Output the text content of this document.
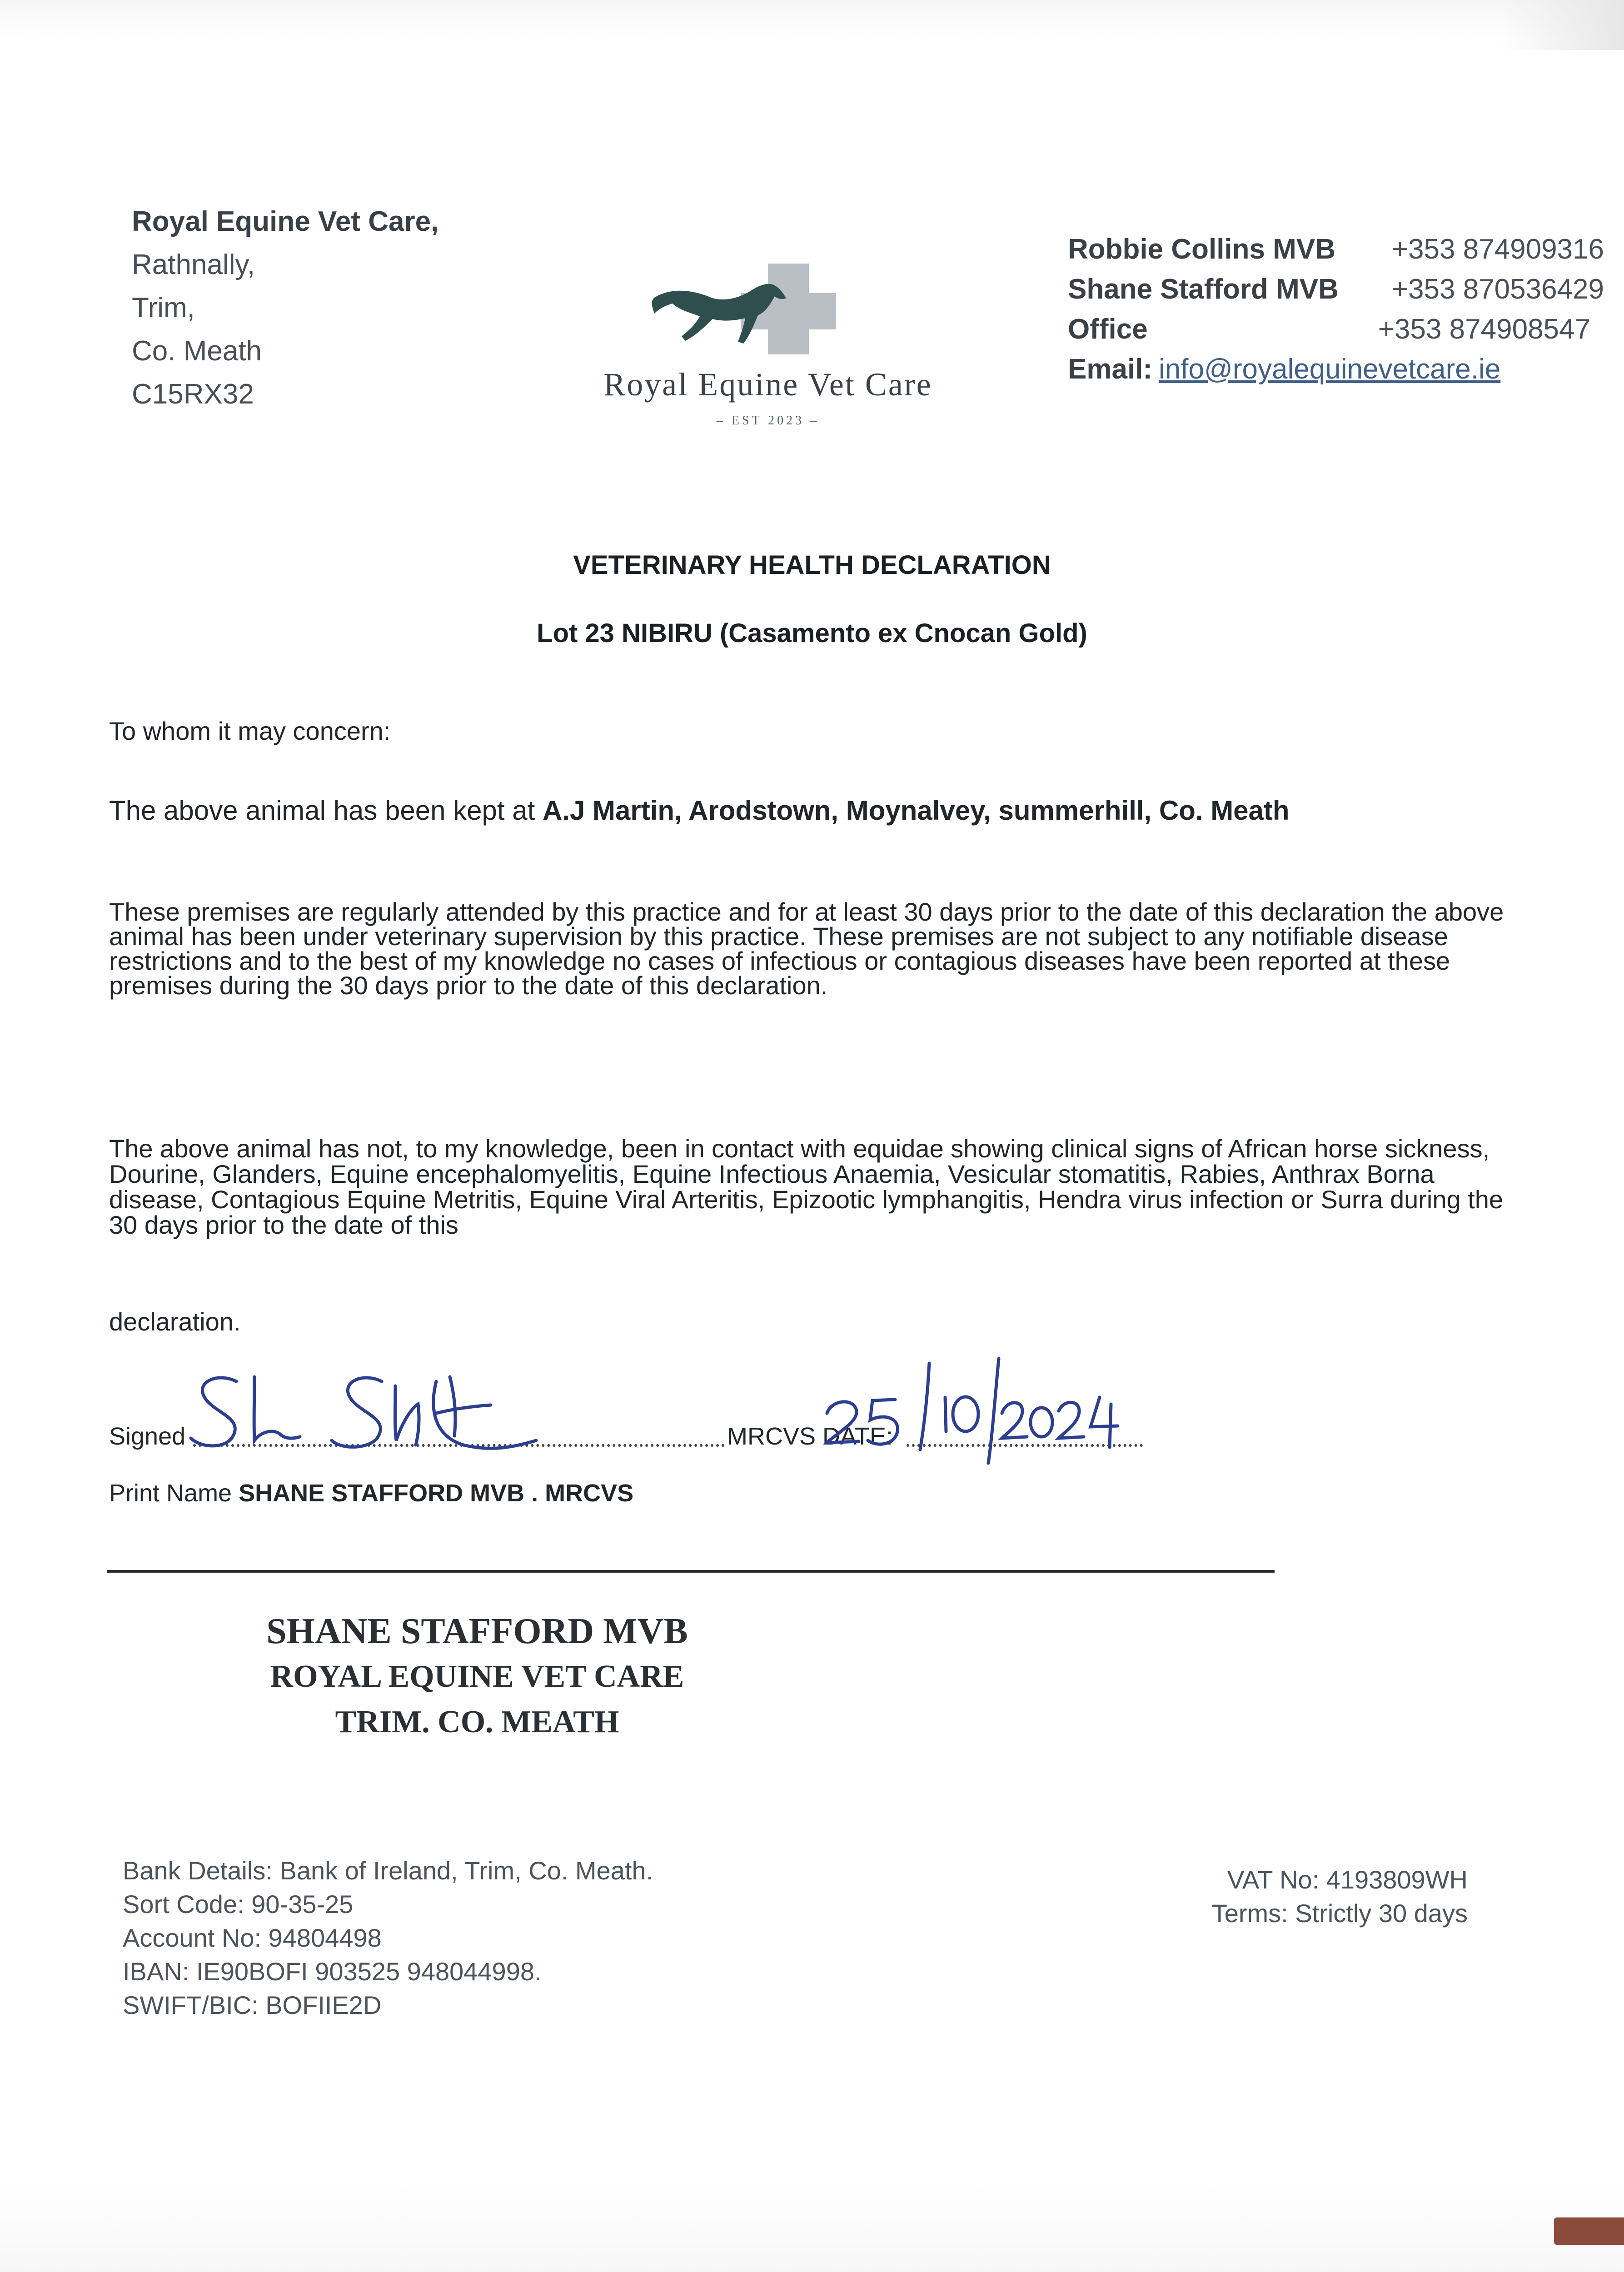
Royal Equine Vet Care,
Rathnally,
Trim,
Co. Meath
C15RX32	Royal Equine Vet Care
– EST 2023 –
Robbie Collins MVB +353 874909316
Shane Stafford MVB +353 870536429
Office	+353 874908547
Email: info@royalequinevetcare.ie
VETERINARY HEALTH DECLARATION
Lot 23 NIBIRU (Casamento ex Cnocan Gold)
To whom it may concern:
The above animal has been kept at A.J Martin, Arodstown, Moynalvey, summerhill, Co. Meath
These premises are regularly attended by this practice and for at least 30 days prior to the date of this declaration the above animal has been under veterinary supervision by this practice. These premises are not subject to any notifiable disease restrictions and to the best of my knowledge no cases of infectious or contagious diseases have been reported at these premises during the 30 days prior to the date of this declaration.
The above animal has not, to my knowledge, been in contact with equidae showing clinical signs of African horse sickness, Dourine, Glanders, Equine encephalomyelitis, Equine Infectious Anaemia, Vesicular stomatitis, Rabies, Anthrax Borna disease, Contagious Equine Metritis, Equine Viral Arteritis, Epizootic lymphangitis, Hendra virus infection or Surra during the 30 days prior to the date of this
declaration.
Signed	MRCVS DATE:
Print Name SHANE STAFFORD MVB . MRCVS
SHANE STAFFORD MVB
ROYAL EQUINE VET CARE
TRIM. CO. MEATH
Bank Details: Bank of Ireland, Trim, Co. Meath.
Sort Code: 90-35-25
Account No: 94804498
IBAN: IE90BOFI 903525 948044998.
SWIFT/BIC: BOFIIE2D
VAT No: 4193809WH
Terms: Strictly 30 days
